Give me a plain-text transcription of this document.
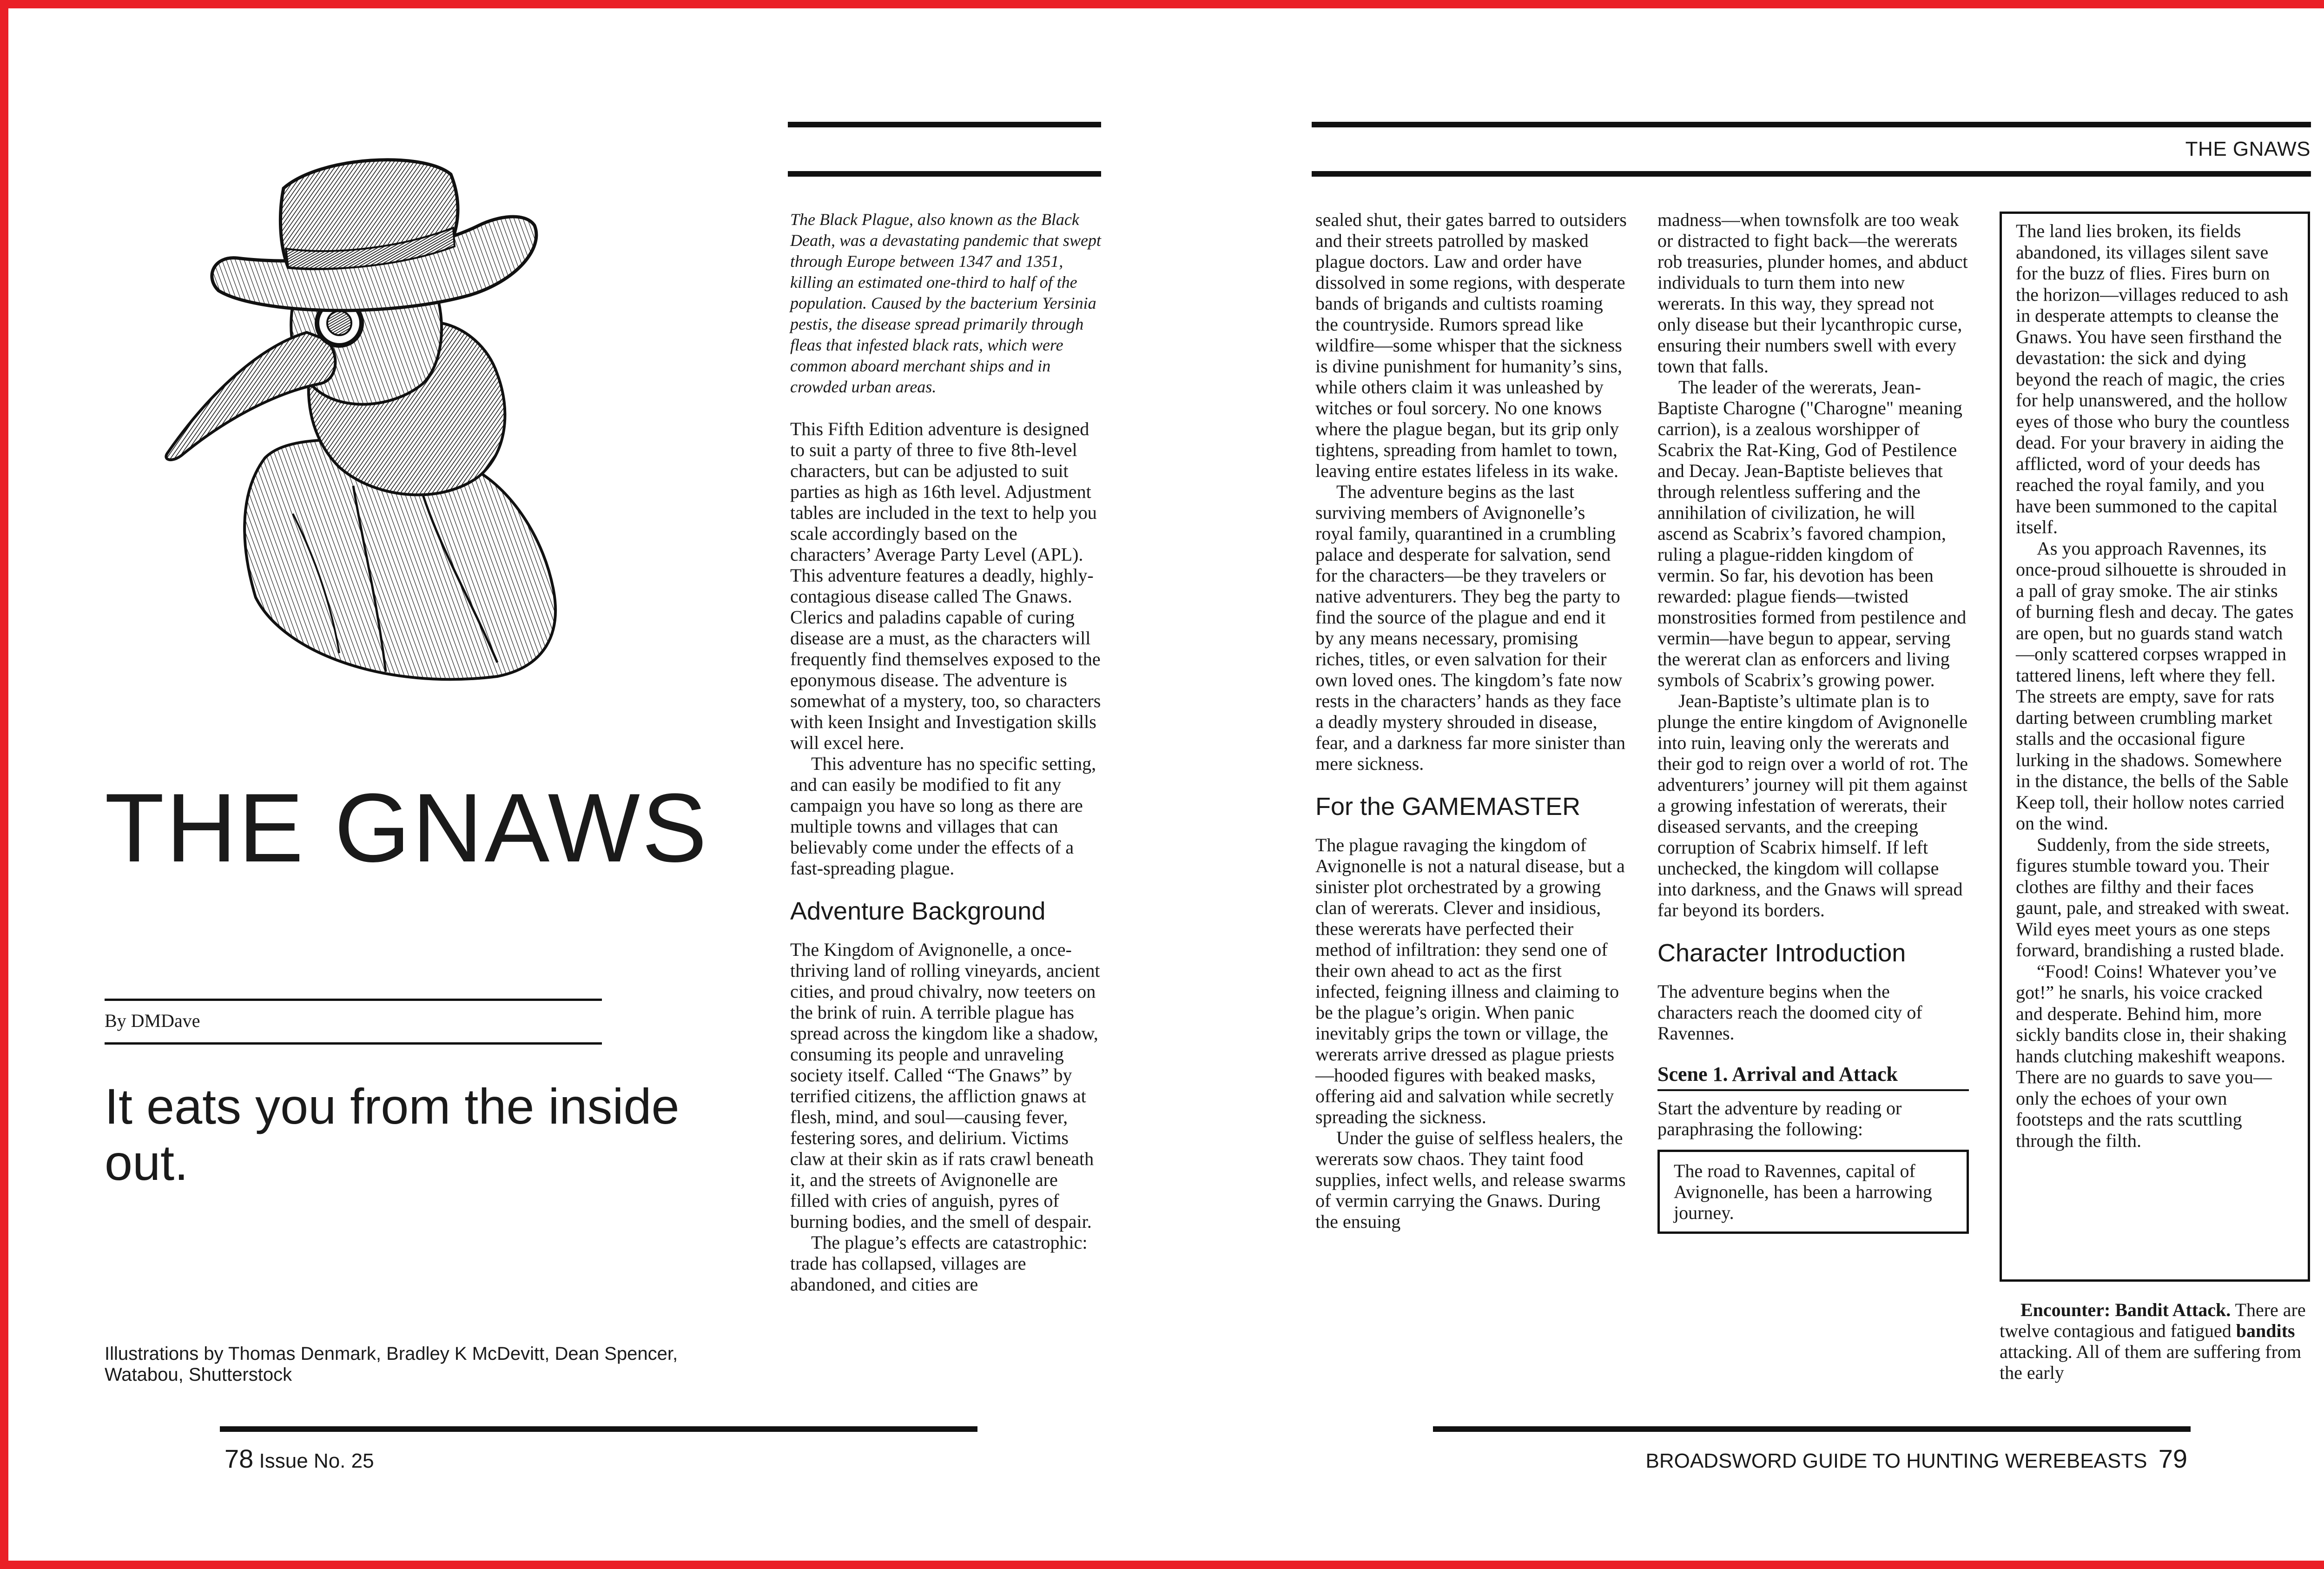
THE GNAWS
By DMDave
It eats you from the inside out.
Illustrations by Thomas Denmark, Bradley K McDevitt, Dean Spencer, Watabou, Shutterstock
78 Issue No. 25

The Black Plague, also known as the Black Death, was a devastating pandemic that swept through Europe between 1347 and 1351, killing an estimated one-third to half of the population. Caused by the bacterium Yersinia pestis, the disease spread primarily through fleas that infested black rats, which were common aboard merchant ships and in crowded urban areas.

This Fifth Edition adventure is designed to suit a party of three to five 8th-level characters, but can be adjusted to suit parties as high as 16th level. Adjustment tables are included in the text to help you scale accordingly based on the characters’ Average Party Level (APL). This adventure features a deadly, highly-contagious disease called The Gnaws. Clerics and paladins capable of curing disease are a must, as the characters will frequently find themselves exposed to the eponymous disease. The adventure is somewhat of a mystery, too, so characters with keen Insight and Investigation skills will excel here.

This adventure has no specific setting, and can easily be modified to fit any campaign you have so long as there are multiple towns and villages that can believably come under the effects of a fast-spreading plague.

Adventure Background

The Kingdom of Avignonelle, a once-thriving land of rolling vineyards, ancient cities, and proud chivalry, now teeters on the brink of ruin. A terrible plague has spread across the kingdom like a shadow, consuming its people and unraveling society itself. Called “The Gnaws” by terrified citizens, the affliction gnaws at flesh, mind, and soul—causing fever, festering sores, and delirium. Victims claw at their skin as if rats crawl beneath it, and the streets of Avignonelle are filled with cries of anguish, pyres of burning bodies, and the smell of despair.

The plague’s effects are catastrophic: trade has collapsed, villages are abandoned, and cities are

THE GNAWS

sealed shut, their gates barred to outsiders and their streets patrolled by masked plague doctors. Law and order have dissolved in some regions, with desperate bands of brigands and cultists roaming the countryside. Rumors spread like wildfire—some whisper that the sickness is divine punishment for humanity’s sins, while others claim it was unleashed by witches or foul sorcery. No one knows where the plague began, but its grip only tightens, spreading from hamlet to town, leaving entire estates lifeless in its wake.

The adventure begins as the last surviving members of Avignonelle’s royal family, quarantined in a crumbling palace and desperate for salvation, send for the characters—be they travelers or native adventurers. They beg the party to find the source of the plague and end it by any means necessary, promising riches, titles, or even salvation for their own loved ones. The kingdom’s fate now rests in the characters’ hands as they face a deadly mystery shrouded in disease, fear, and a darkness far more sinister than mere sickness.

For the GAMEMASTER

The plague ravaging the kingdom of Avignonelle is not a natural disease, but a sinister plot orchestrated by a growing clan of wererats. Clever and insidious, these wererats have perfected their method of infiltration: they send one of their own ahead to act as the first infected, feigning illness and claiming to be the plague’s origin. When panic inevitably grips the town or village, the wererats arrive dressed as plague priests—hooded figures with beaked masks, offering aid and salvation while secretly spreading the sickness.

Under the guise of selfless healers, the wererats sow chaos. They taint food supplies, infect wells, and release swarms of vermin carrying the Gnaws. During the ensuing

madness—when townsfolk are too weak or distracted to fight back—the wererats rob treasuries, plunder homes, and abduct individuals to turn them into new wererats. In this way, they spread not only disease but their lycanthropic curse, ensuring their numbers swell with every town that falls.

The leader of the wererats, Jean-Baptiste Charogne ("Charogne" meaning carrion), is a zealous worshipper of Scabrix the Rat-King, God of Pestilence and Decay. Jean-Baptiste believes that through relentless suffering and the annihilation of civilization, he will ascend as Scabrix’s favored champion, ruling a plague-ridden kingdom of vermin. So far, his devotion has been rewarded: plague fiends—twisted monstrosities formed from pestilence and vermin—have begun to appear, serving the wererat clan as enforcers and living symbols of Scabrix’s growing power.

Jean-Baptiste’s ultimate plan is to plunge the entire kingdom of Avignonelle into ruin, leaving only the wererats and their god to reign over a world of rot. The adventurers’ journey will pit them against a growing infestation of wererats, their diseased servants, and the creeping corruption of Scabrix himself. If left unchecked, the kingdom will collapse into darkness, and the Gnaws will spread far beyond its borders.

Character Introduction

The adventure begins when the characters reach the doomed city of Ravennes.

Scene 1. Arrival and Attack

Start the adventure by reading or paraphrasing the following:

The road to Ravennes, capital of Avignonelle, has been a harrowing journey.

The land lies broken, its fields abandoned, its villages silent save for the buzz of flies. Fires burn on the horizon—villages reduced to ash in desperate attempts to cleanse the Gnaws. You have seen firsthand the devastation: the sick and dying beyond the reach of magic, the cries for help unanswered, and the hollow eyes of those who bury the countless dead. For your bravery in aiding the afflicted, word of your deeds has reached the royal family, and you have been summoned to the capital itself.

As you approach Ravennes, its once-proud silhouette is shrouded in a pall of gray smoke. The air stinks of burning flesh and decay. The gates are open, but no guards stand watch—only scattered corpses wrapped in tattered linens, left where they fell. The streets are empty, save for rats darting between crumbling market stalls and the occasional figure lurking in the shadows. Somewhere in the distance, the bells of the Sable Keep toll, their hollow notes carried on the wind.

Suddenly, from the side streets, figures stumble toward you. Their clothes are filthy and their faces gaunt, pale, and streaked with sweat. Wild eyes meet yours as one steps forward, brandishing a rusted blade.

“Food! Coins! Whatever you’ve got!” he snarls, his voice cracked and desperate. Behind him, more sickly bandits close in, their shaking hands clutching makeshift weapons. There are no guards to save you—only the echoes of your own footsteps and the rats scuttling through the filth.

Encounter: Bandit Attack. There are twelve contagious and fatigued bandits attacking. All of them are suffering from the early

BROADSWORD GUIDE TO HUNTING WEREBEASTS 79
